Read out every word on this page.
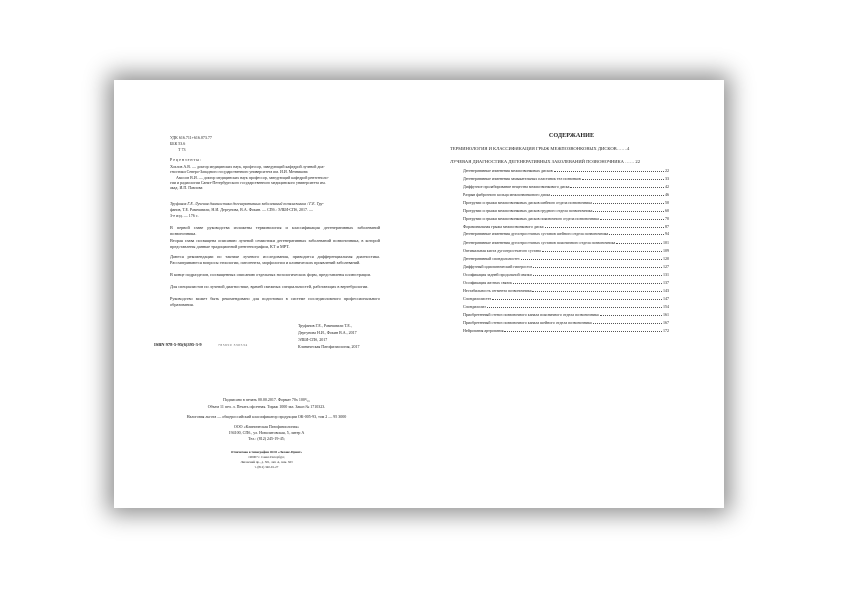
УДК 616.711+616.073.77
ББК 53.6
Т 73
Р е ц е н з е н т ы :
Хохлов А.В. — доктор медицинских наук, профессор, заведующий кафедрой лучевой диа-
гностики Северо-Западного государственного университета им. И.И. Мечникова
Амосов В.И. — доктор медицинских наук профессор, заведующий кафедрой рентгеноло-
гии и радиологии Санкт-Петербургского государственного медицинского университета им.
акад. И.П. Павлова
Труфанов Г.Е. Лучевая диагностика дегенеративных заболеваний позвоночника / Г.Е. Тру-
фанов, Т.Е. Рамешвили, Н.И. Дергунова, В.А. Фокин. — СПб.: ЭЛБИ-СПб, 2017. —
3-е изд. — 176 с.
В первой главе руководства изложены терминология и классификация дегенеративных заболеваний позвоночника.
Вторая глава посвящена описанию лучевой семиотики дегенеративных заболеваний позвоночника, в которой представлены данные традиционной рентгенографии, КТ и МРТ.
Даются рекомендации по тактике лучевого исследования, приводится дифференциальная диагностика. Рассматриваются вопросы этиологии, патогенеза, морфологии и клинических проявлений заболеваний.
В конце подразделов, посвященных описанию отдельных нозологических форм, представлены иллюстрации.
Для специалистов по лучевой диагностике, врачей смежных специальностей, работающих в вертебрологии.
Руководство может быть рекомендовано для подготовки в системе последипломного профессионального образования.
ISBN 978-5-95(6)395-3-9	785950 330534
Труфанов Г.Е., Рамешвили Т.Е.,
Дергунова Н.И., Фокин В.А., 2017
ЭЛБИ-СПб, 2017
Клиническая Патофизиология, 2017
Подписано в печать 00.00.2017. Формат 70х 100¹/₁₆
Объем 11 печ. л. Печать офсетная. Тираж 1000 экз. Заказ № 1710323.
Налоговая льгота — общероссийский классификатор продукции ОК-005-93, том 2 — 95 3000
ООО «Клиническая Патофизиология»
194100, СПб., ул. Новолитовская, 5, литер А
Тел.: (812) 245-19-45;
Отпечатано в типографии ООО «Леланс-Принт»
190007 г. Санкт-Петербург,
Лиговский пр., д. 301, лит. А, пом. ХП
т. (812) 340-91-27
СОДЕРЖАНИЕ
ТЕРМИНОЛОГИЯ И КЛАССИФИКАЦИЯ ГРЫЖ МЕЖПОЗВОНКОВЫХ ДИСКОВ…….4
ЛУЧЕВАЯ ДИАГНОСТИКА ДЕГЕНЕРАТИВНЫХ ЗАБОЛЕВАНИЙ ПОЗВОНОЧНИКА …… 22
Дегенеративные изменения межпозвонковых дисков	22
Дегенеративные изменения замыкательных пластинок тел позвонков	33
Диффузное пролабирование вещества межпозвонкового диска	42
Разрыв фиброзного кольца межпозвонкового диска	46
Протрузии и грыжи межпозвонковых дисков шейного отдела позвоночника	50
Протрузии и грыжи межпозвонковых дисков грудного отдела позвоночника	60
Протрузии и грыжи межпозвонковых дисков поясничного отдела позвоночника	70
Фораминальная грыжа межпозвонкового диска	87
Дегенеративные изменения дугоотростчатых суставов шейного отдела позвоночника	94
Дегенеративные изменения дугоотростчатых суставов поясничного отдела позвоночника	101
Оптимальная киста дугоотростчатого сустава	109
Дегенеративный спондилолистез	120
Диффузный идиопатический гиперостоз	127
Оссификация задней продольной связки	131
Оссификация желтых связок	137
Нестабильность сегмента позвоночника	143
Спондилолистез	147
Спондилолиз	154
Приобретенный стеноз позвоночного канала поясничного отдела позвоночника	161
Приобретенный стеноз позвоночного канала шейного отдела позвоночника	167
Нейропатия артропатия	172
